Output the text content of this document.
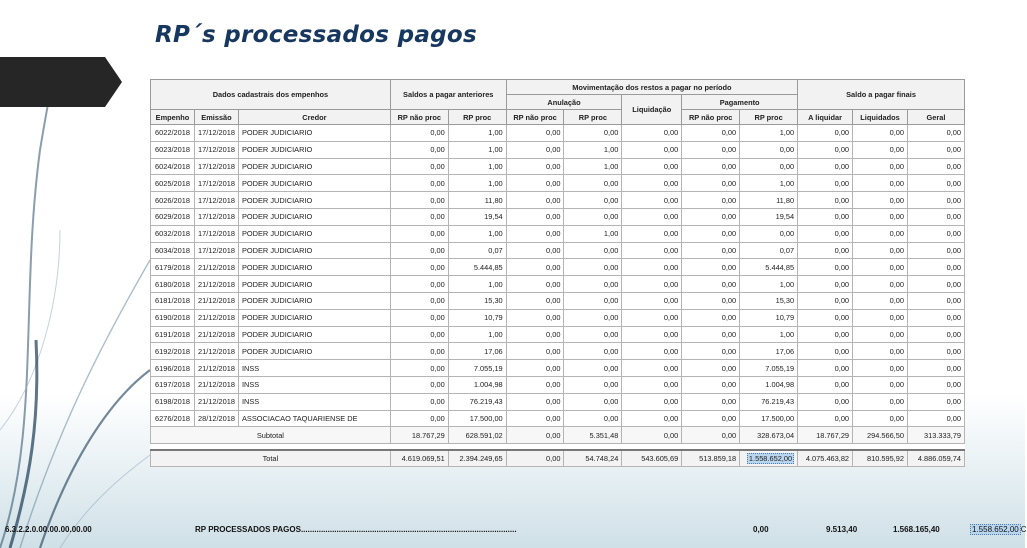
RP´s processados pagos
Dados cadastrais dos empenhos			Saldos a pagar anteriores		Movimentação dos restos a pagar no período					Saldo a pagar finais		
					Anulação		Liquidação	Pagamento				
Empenho	Emissão	Credor	RP não proc	RP proc	RP não proc	RP proc		RP não proc	RP proc	A liquidar	Liquidados	Geral
6022/2018	17/12/2018	PODER JUDICIARIO	0,00	1,00	0,00	0,00	0,00	0,00	1,00	0,00	0,00	0,00
6023/2018	17/12/2018	PODER JUDICIARIO	0,00	1,00	0,00	1,00	0,00	0,00	0,00	0,00	0,00	0,00
6024/2018	17/12/2018	PODER JUDICIARIO	0,00	1,00	0,00	1,00	0,00	0,00	0,00	0,00	0,00	0,00
6025/2018	17/12/2018	PODER JUDICIARIO	0,00	1,00	0,00	0,00	0,00	0,00	1,00	0,00	0,00	0,00
6026/2018	17/12/2018	PODER JUDICIARIO	0,00	11,80	0,00	0,00	0,00	0,00	11,80	0,00	0,00	0,00
6029/2018	17/12/2018	PODER JUDICIARIO	0,00	19,54	0,00	0,00	0,00	0,00	19,54	0,00	0,00	0,00
6032/2018	17/12/2018	PODER JUDICIARIO	0,00	1,00	0,00	1,00	0,00	0,00	0,00	0,00	0,00	0,00
6034/2018	17/12/2018	PODER JUDICIARIO	0,00	0,07	0,00	0,00	0,00	0,00	0,07	0,00	0,00	0,00
6179/2018	21/12/2018	PODER JUDICIARIO	0,00	5.444,85	0,00	0,00	0,00	0,00	5.444,85	0,00	0,00	0,00
6180/2018	21/12/2018	PODER JUDICIARIO	0,00	1,00	0,00	0,00	0,00	0,00	1,00	0,00	0,00	0,00
6181/2018	21/12/2018	PODER JUDICIARIO	0,00	15,30	0,00	0,00	0,00	0,00	15,30	0,00	0,00	0,00
6190/2018	21/12/2018	PODER JUDICIARIO	0,00	10,79	0,00	0,00	0,00	0,00	10,79	0,00	0,00	0,00
6191/2018	21/12/2018	PODER JUDICIARIO	0,00	1,00	0,00	0,00	0,00	0,00	1,00	0,00	0,00	0,00
6192/2018	21/12/2018	PODER JUDICIARIO	0,00	17,06	0,00	0,00	0,00	0,00	17,06	0,00	0,00	0,00
6196/2018	21/12/2018	INSS	0,00	7.055,19	0,00	0,00	0,00	0,00	7.055,19	0,00	0,00	0,00
6197/2018	21/12/2018	INSS	0,00	1.004,98	0,00	0,00	0,00	0,00	1.004,98	0,00	0,00	0,00
6198/2018	21/12/2018	INSS	0,00	76.219,43	0,00	0,00	0,00	0,00	76.219,43	0,00	0,00	0,00
6276/2018	28/12/2018	ASSOCIACAO TAQUARIENSE DE	0,00	17.500,00	0,00	0,00	0,00	0,00	17.500,00	0,00	0,00	0,00
Subtotal			18.767,29	628.591,02	0,00	5.351,48	0,00	0,00	328.673,04	18.767,29	294.566,50	313.333,79

Total			4.619.069,51	2.394.249,65	0,00	54.748,24	543.605,69	513.859,18	1.558.652,00	4.075.463,82	810.595,92	4.886.059,74
6.3.2.2.0.00.00.00.00.00	RP PROCESSADOS PAGOS.................................................................................................	0,00	9.513,40	1.568.165,40	1.558.652,00 C
